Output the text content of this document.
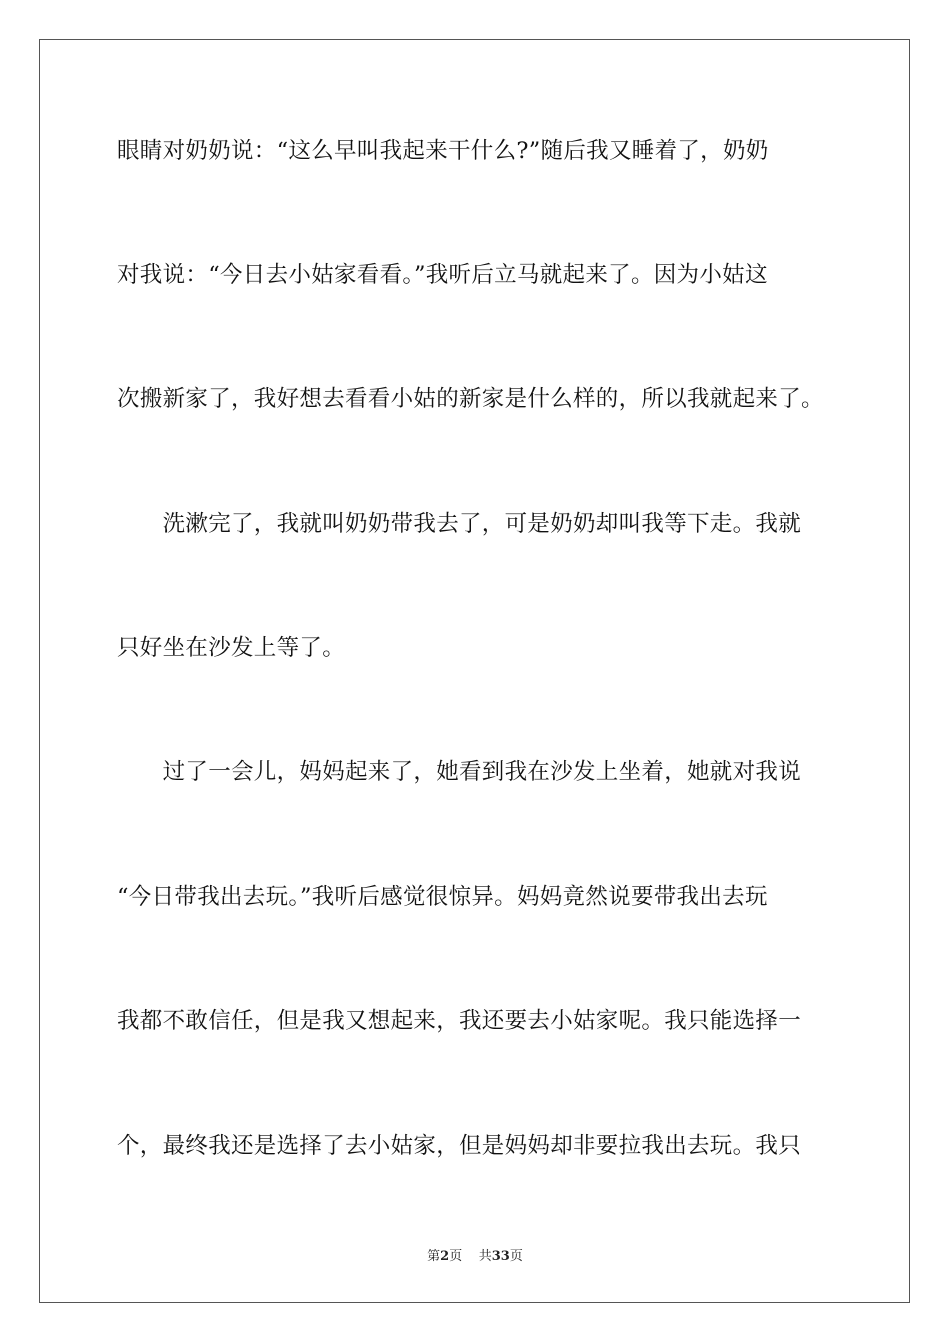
眼睛对奶奶说：“这么早叫我起来干什么?”随后我又睡着了，奶奶
对我说：“今日去小姑家看看。”我听后立马就起来了。因为小姑这
次搬新家了，我好想去看看小姑的新家是什么样的，所以我就起来了。
　　洗漱完了，我就叫奶奶带我去了，可是奶奶却叫我等下走。我就
只好坐在沙发上等了。
　　过了一会儿，妈妈起来了，她看到我在沙发上坐着，她就对我说
“今日带我出去玩。”我听后感觉很惊异。妈妈竟然说要带我出去玩
我都不敢信任，但是我又想起来，我还要去小姑家呢。我只能选择一
个，最终我还是选择了去小姑家，但是妈妈却非要拉我出去玩。我只
第2页 共33页
